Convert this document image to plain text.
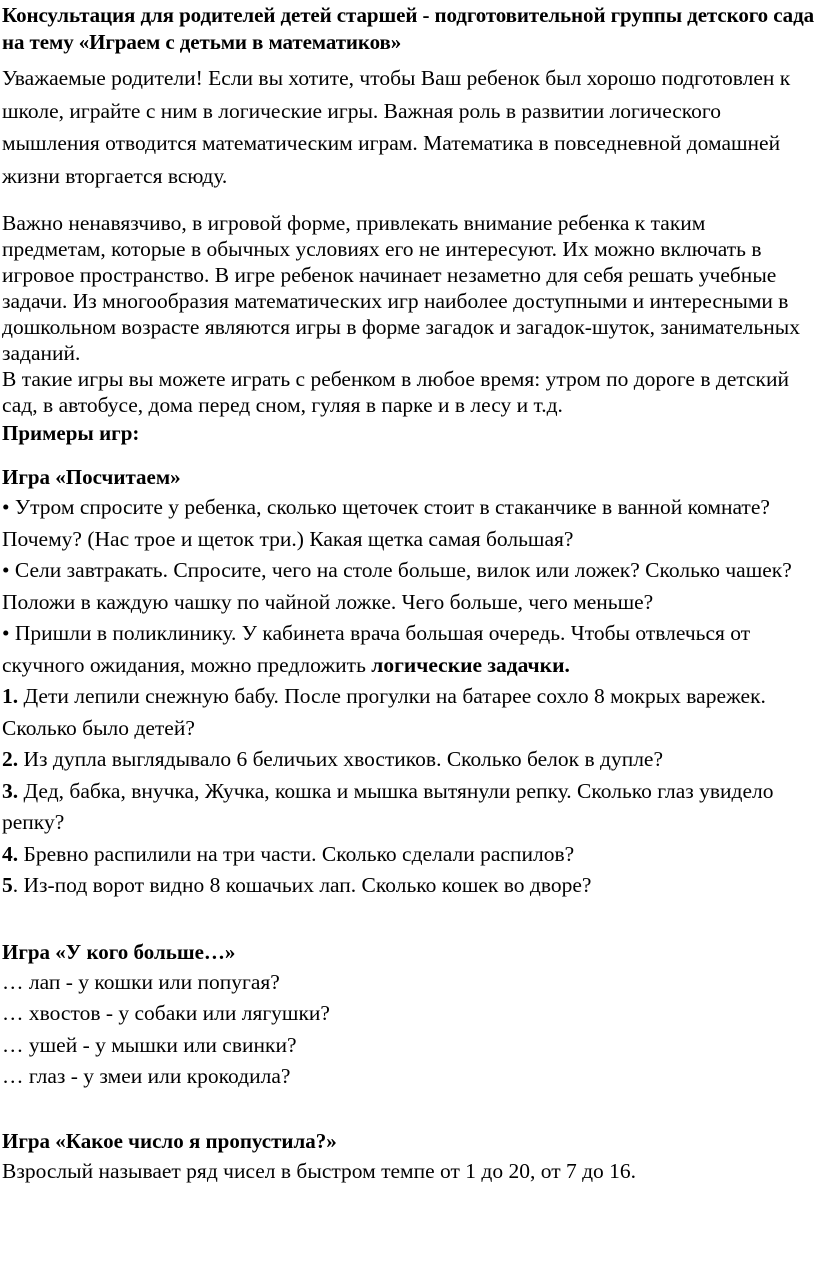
Консультация для родителей детей старшей - подготовительной группы детского сада на тему «Играем с детьми в математиков»

Уважаемые родители! Если вы хотите, чтобы Ваш ребенок был хорошо подготовлен к школе, играйте с ним в логические игры. Важная роль в развитии логического мышления отводится математическим играм. Математика в повседневной домашней жизни вторгается всюду.

Важно ненавязчиво, в игровой форме, привлекать внимание ребенка к таким предметам, которые в обычных условиях его не интересуют. Их можно включать в игровое пространство. В игре ребенок начинает незаметно для себя решать учебные задачи. Из многообразия математических игр наиболее доступными и интересными в дошкольном возрасте являются игры в форме загадок и загадок-шуток, занимательных заданий.

В такие игры вы можете играть с ребенком в любое время: утром по дороге в детский сад, в автобусе, дома перед сном, гуляя в парке и в лесу и т.д.

Примеры игр:

Игра «Посчитаем»

• Утром спросите у ребенка, сколько щеточек стоит в стаканчике в ванной комнате? Почему? (Нас трое и щеток три.) Какая щетка самая большая?

• Сели завтракать. Спросите, чего на столе больше, вилок или ложек? Сколько чашек? Положи в каждую чашку по чайной ложке. Чего больше, чего меньше?

• Пришли в поликлинику. У кабинета врача большая очередь. Чтобы отвлечься от скучного ожидания, можно предложить логические задачки.

1. Дети лепили снежную бабу. После прогулки на батарее сохло 8 мокрых варежек. Сколько было детей?

2. Из дупла выглядывало 6 беличьих хвостиков. Сколько белок в дупле?

3. Дед, бабка, внучка, Жучка, кошка и мышка вытянули репку. Сколько глаз увидело репку?

4. Бревно распилили на три части. Сколько сделали распилов?

5. Из-под ворот видно 8 кошачьих лап. Сколько кошек во дворе?

Игра «У кого больше…»

… лап - у кошки или попугая?

… хвостов - у собаки или лягушки?

… ушей - у мышки или свинки?

… глаз - у змеи или крокодила?

Игра «Какое число я пропустила?»

Взрослый называет ряд чисел в быстром темпе от 1 до 20, от 7 до 16.
